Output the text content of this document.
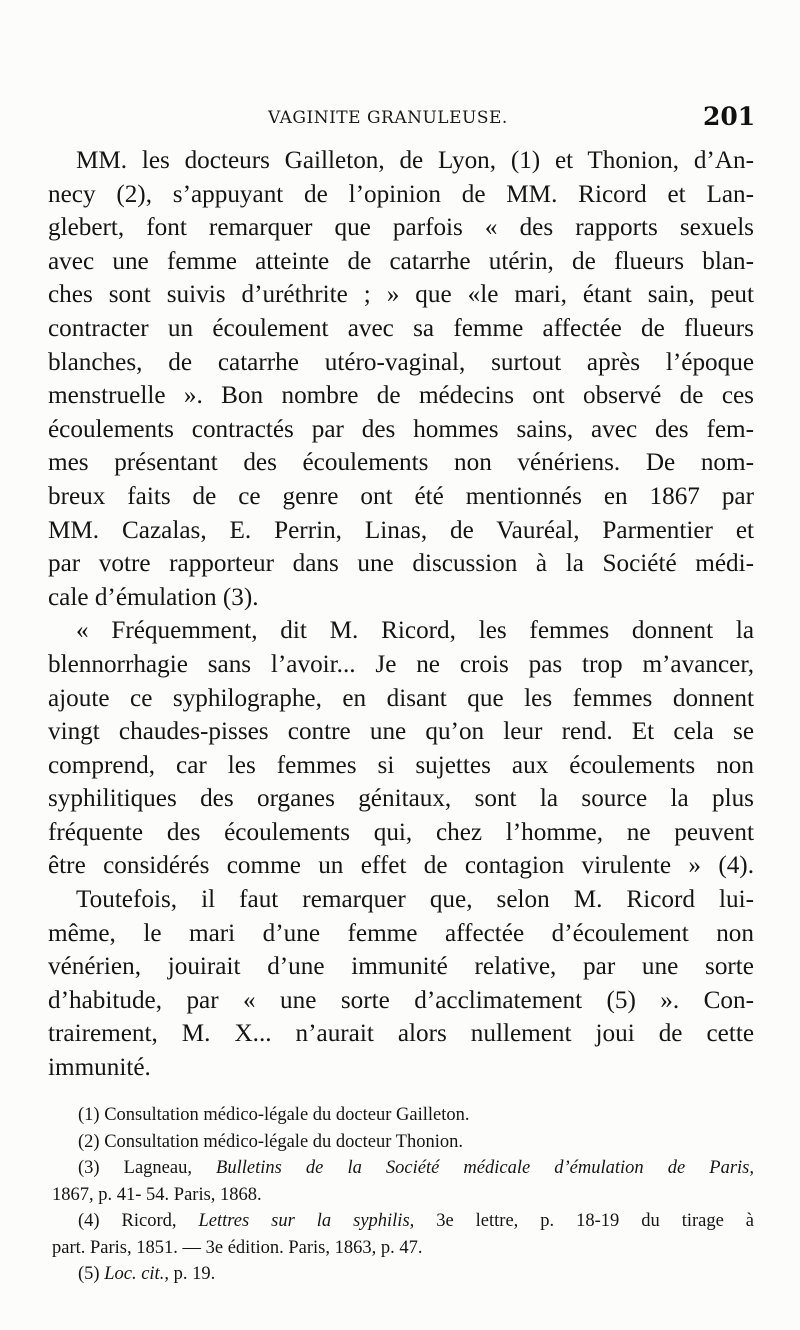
VAGINITE GRANULEUSE.	201
MM. les docteurs Gailleton, de Lyon, (1) et Thonion, d’An-
necy (2), s’appuyant de l’opinion de MM. Ricord et Lan-
glebert, font remarquer que parfois « des rapports sexuels
avec une femme atteinte de catarrhe utérin, de flueurs blan-
ches sont suivis d’uréthrite ; » que «le mari, étant sain, peut
contracter un écoulement avec sa femme affectée de flueurs
blanches, de catarrhe utéro-vaginal, surtout après l’époque
menstruelle ». Bon nombre de médecins ont observé de ces
écoulements contractés par des hommes sains, avec des fem-
mes présentant des écoulements non vénériens. De nom-
breux faits de ce genre ont été mentionnés en 1867 par
MM. Cazalas, E. Perrin, Linas, de Vauréal, Parmentier et
par votre rapporteur dans une discussion à la Société médi-
cale d’émulation (3).
« Fréquemment, dit M. Ricord, les femmes donnent la
blennorrhagie sans l’avoir... Je ne crois pas trop m’avancer,
ajoute ce syphilographe, en disant que les femmes donnent
vingt chaudes-pisses contre une qu’on leur rend. Et cela se
comprend, car les femmes si sujettes aux écoulements non
syphilitiques des organes génitaux, sont la source la plus
fréquente des écoulements qui, chez l’homme, ne peuvent
être considérés comme un effet de contagion virulente » (4).
Toutefois, il faut remarquer que, selon M. Ricord lui-
même, le mari d’une femme affectée d’écoulement non
vénérien, jouirait d’une immunité relative, par une sorte
d’habitude, par « une sorte d’acclimatement (5) ». Con-
trairement, M. X... n’aurait alors nullement joui de cette
immunité.
(1) Consultation médico-légale du docteur Gailleton.
(2) Consultation médico-légale du docteur Thonion.
(3) Lagneau, Bulletins de la Société médicale d’émulation de Paris,
1867, p. 41- 54. Paris, 1868.
(4) Ricord, Lettres sur la syphilis, 3e lettre, p. 18-19 du tirage à
part. Paris, 1851. — 3e édition. Paris, 1863, p. 47.
(5) Loc. cit., p. 19.
